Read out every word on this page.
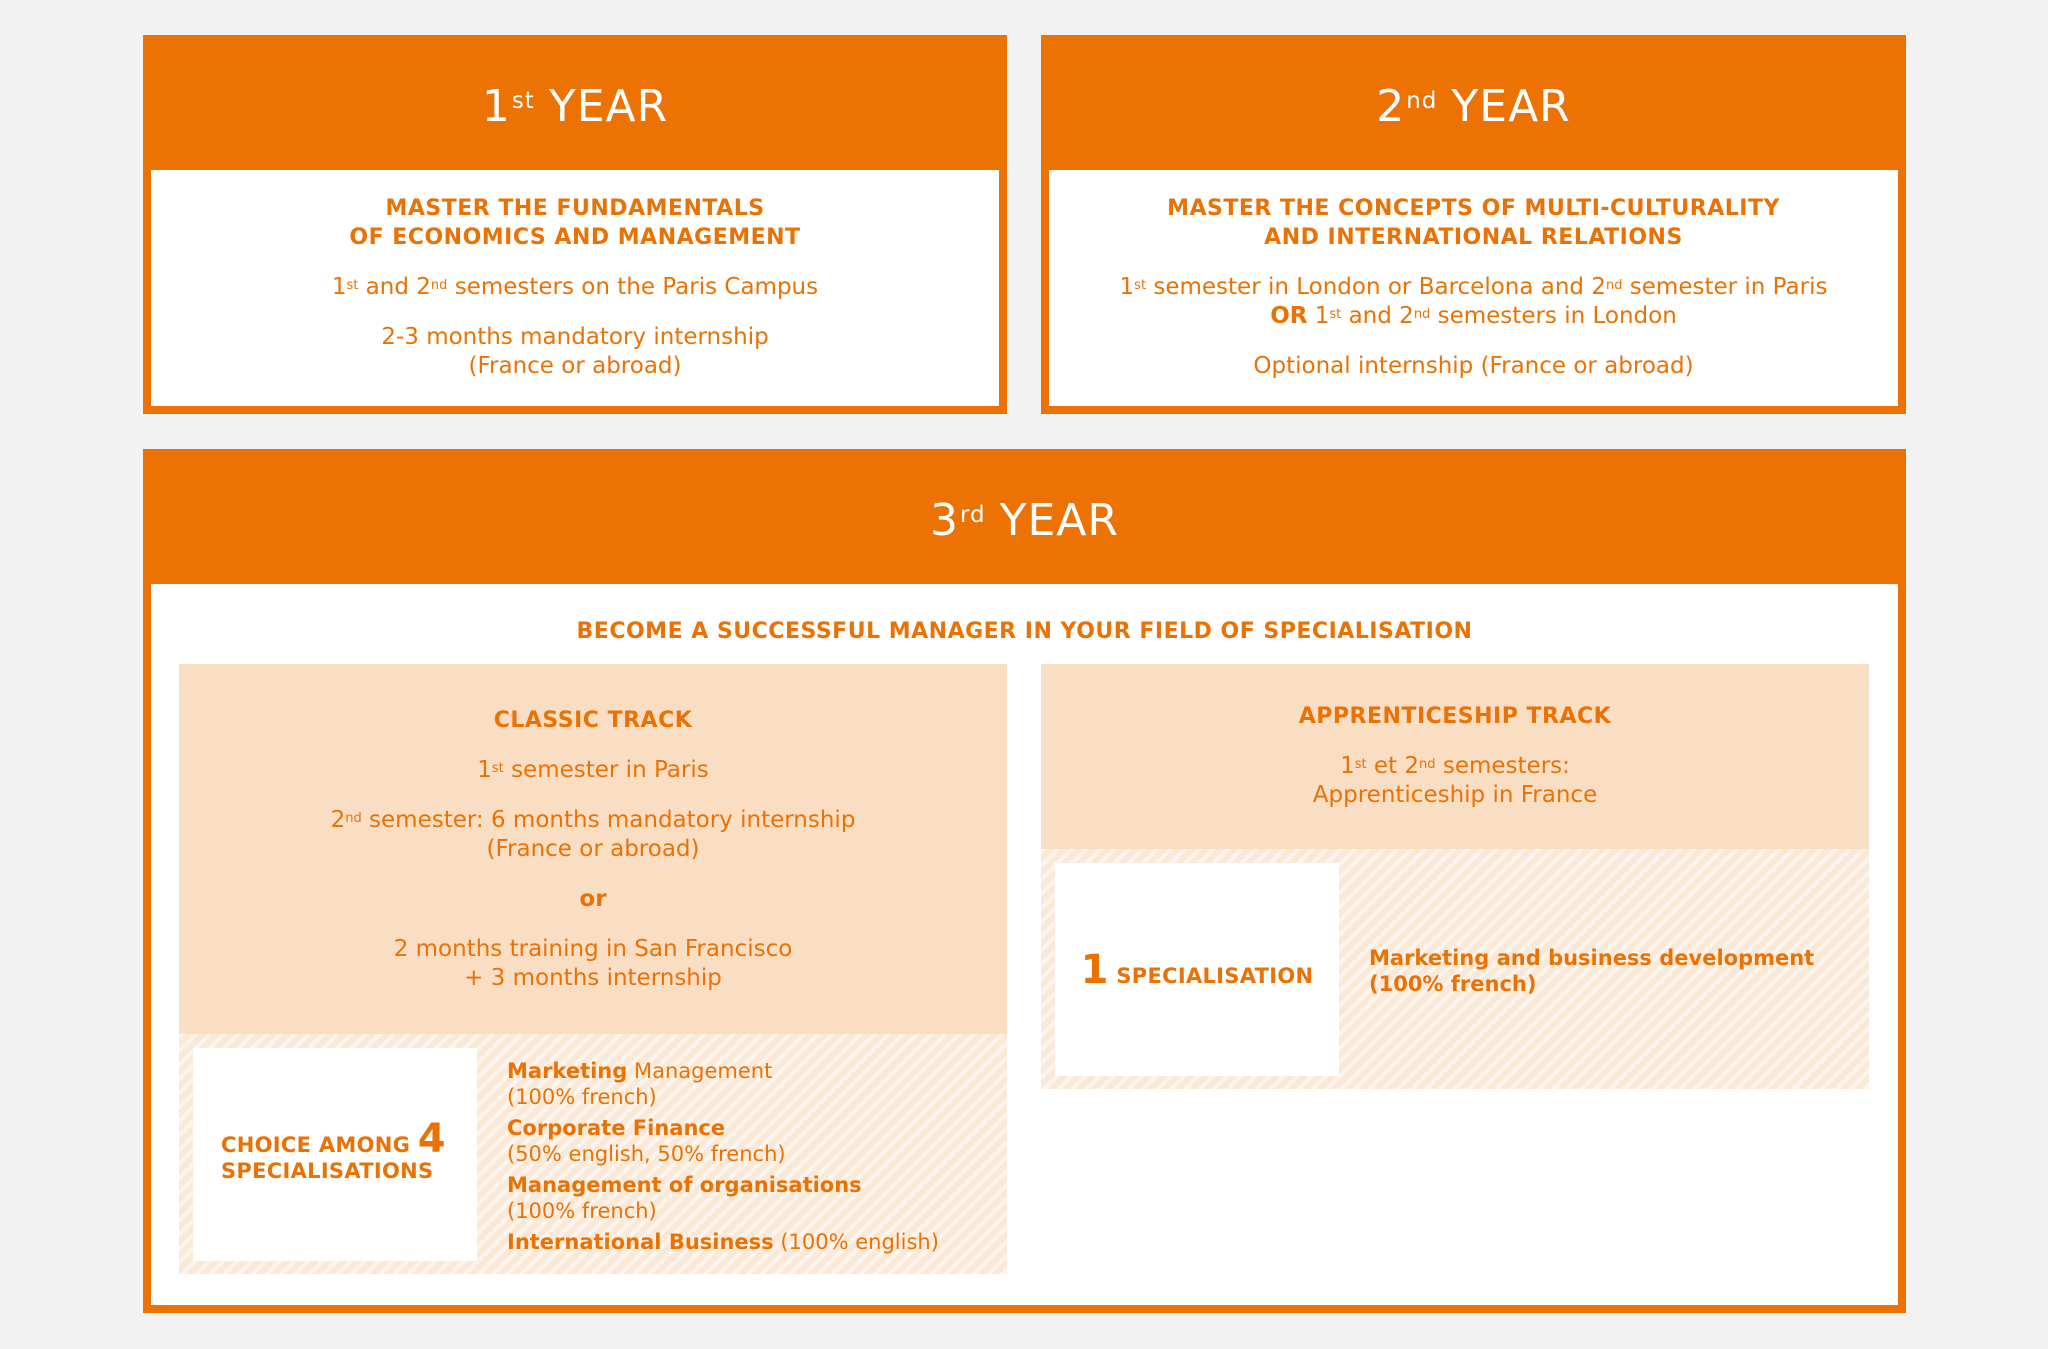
1st YEAR
MASTER THE FUNDAMENTALS
OF ECONOMICS AND MANAGEMENT
1st and 2nd semesters on the Paris Campus
2-3 months mandatory internship
(France or abroad)
2nd YEAR
MASTER THE CONCEPTS OF MULTI-CULTURALITY
AND INTERNATIONAL RELATIONS
1st semester in London or Barcelona and 2nd semester in Paris
OR 1st and 2nd semesters in London
Optional internship (France or abroad)
3rd YEAR
BECOME A SUCCESSFUL MANAGER IN YOUR FIELD OF SPECIALISATION
CLASSIC TRACK
1st semester in Paris
2nd semester: 6 months mandatory internship
(France or abroad)
or
2 months training in San Francisco
+ 3 months internship
CHOICE AMONG 4
SPECIALISATIONS
Marketing Management
(100% french)
Corporate Finance
(50% english, 50% french)
Management of organisations
(100% french)
International Business (100% english)
APPRENTICESHIP TRACK
1st et 2nd semesters:
Apprenticeship in France
1 SPECIALISATION
Marketing and business development
(100% french)
